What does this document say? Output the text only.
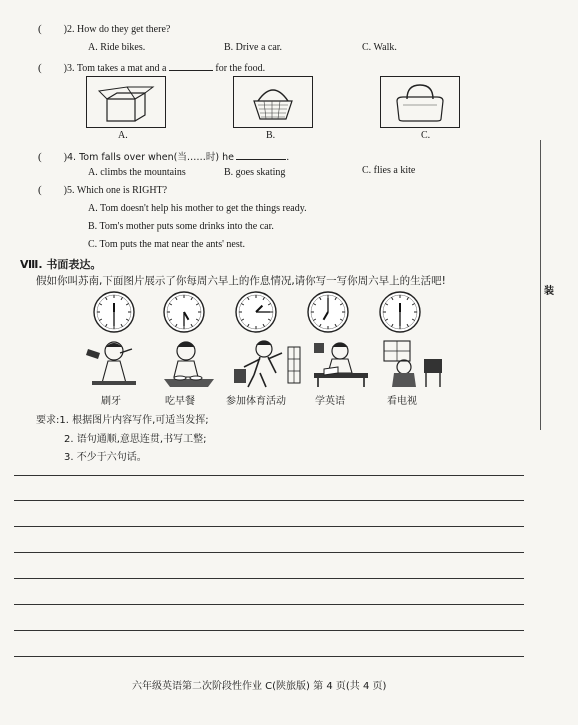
( )2. How do they get there?
A. Ride bikes.	B. Drive a car.	C. Walk.
( )3. Tom takes a mat and a	for the food.
A.	B.	C.
( )4. Tom falls over when(当……时) he	.
A. climbs the mountains	B. goes skating	C. flies a kite
( )5. Which one is RIGHT?
A. Tom doesn't help his mother to get the things ready.
B. Tom's mother puts some drinks into the car.
C. Tom puts the mat near the ants' nest.
Ⅷ. 书面表达。
假如你叫苏南,下面图片展示了你每周六早上的作息情况,请你写一写你周六早上的生活吧!
刷牙	吃早餐	参加体育活动	学英语	看电视
要求:1. 根据图片内容写作,可适当发挥;
2. 语句通顺,意思连贯,书写工整;
3. 不少于六句话。
装
六年级英语第二次阶段性作业 C(陕旅版) 第 4 页(共 4 页)
